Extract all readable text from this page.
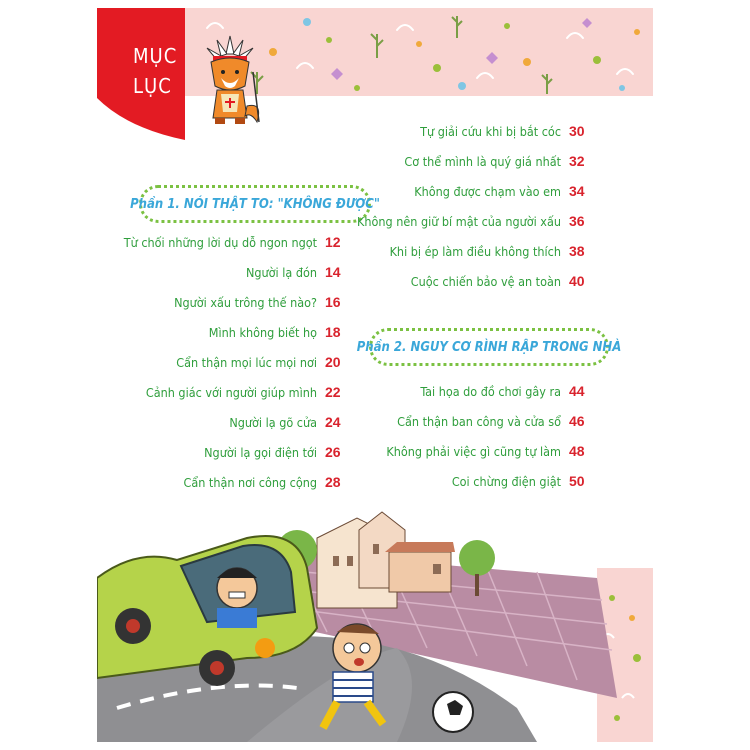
MỤC
LỤC
Phần 1. NÓI THẬT TO: "KHÔNG ĐƯỢC"
Từ chối những lời dụ dỗ ngon ngọt 12
Người lạ đón 14
Người xấu trông thế nào? 16
Mình không biết họ 18
Cẩn thận mọi lúc mọi nơi 20
Cảnh giác với người giúp mình 22
Người lạ gõ cửa 24
Người lạ gọi điện tới 26
Cẩn thận nơi công cộng 28
Tự giải cứu khi bị bắt cóc 30
Cơ thể mình là quý giá nhất 32
Không được chạm vào em 34
Không nên giữ bí mật của người xấu 36
Khi bị ép làm điều không thích 38
Cuộc chiến bảo vệ an toàn 40
Phần 2. NGUY CƠ RÌNH RẬP TRONG NHÀ
Tai họa do đồ chơi gây ra 44
Cẩn thận ban công và cửa sổ 46
Không phải việc gì cũng tự làm 48
Coi chừng điện giật 50
